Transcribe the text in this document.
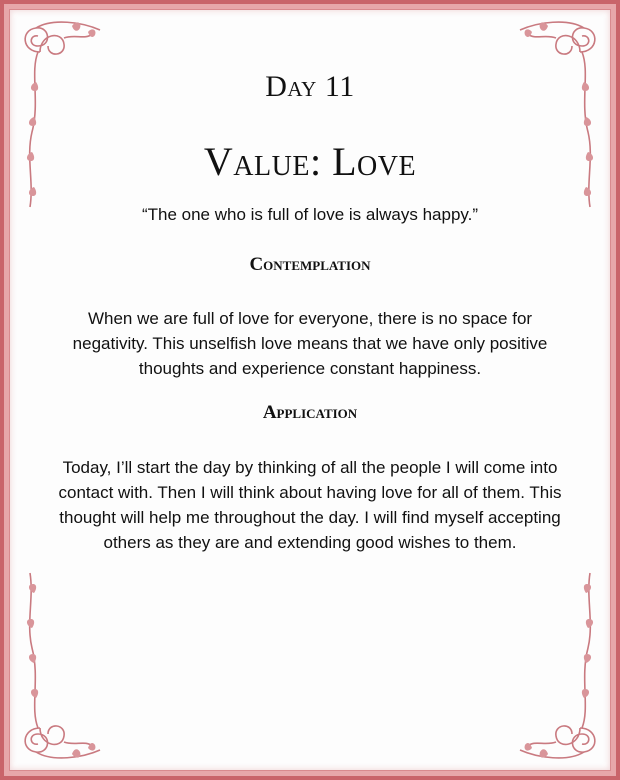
Day 11
Value: Love
“The one who is full of love is always happy.”
Contemplation
When we are full of love for everyone, there is no space for negativity. This unselfish love means that we have only positive thoughts and experience constant happiness.
Application
Today, I’ll start the day by thinking of all the people I will come into contact with. Then I will think about having love for all of them. This thought will help me throughout the day. I will find myself accepting others as they are and extending good wishes to them.
